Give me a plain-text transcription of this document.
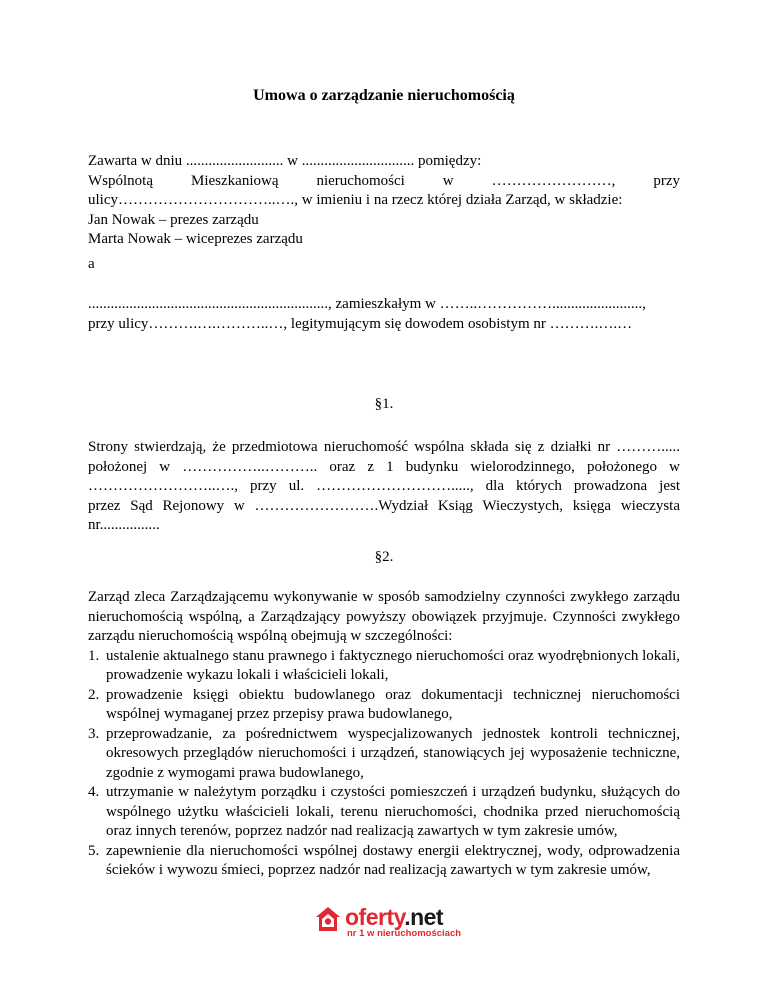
Umowa o zarządzanie nieruchomością
Zawarta w dniu .......................... w .............................. pomiędzy:
Wspólnotą	Mieszkaniową	nieruchomości	w	……………………,	przy
ulicy…………………………..…., w imieniu i na rzecz której działa Zarząd, w składzie:
Jan Nowak – prezes zarządu
Marta Nowak – wiceprezes zarządu
a
................................................................, zamieszkałym w ……..……………........................,
przy ulicy……….….………..…, legitymującym się dowodem osobistym nr ……….….…
§1.
Strony stwierdzają, że przedmiotowa nieruchomość wspólna składa się z działki nr ……….....
położonej w ……………..……….. oraz z 1 budynku wielorodzinnego, położonego w
……………………..…., przy ul. ………………………....., dla których prowadzona jest
przez Sąd Rejonowy w …………………….Wydział Ksiąg Wieczystych, księga wieczysta
nr................
§2.
Zarząd zleca Zarządzającemu wykonywanie w sposób samodzielny czynności zwykłego zarządu nieruchomością wspólną, a Zarządzający powyższy obowiązek przyjmuje. Czynności zwykłego zarządu nieruchomością wspólną obejmują w szczególności:
1. ustalenie aktualnego stanu prawnego i faktycznego nieruchomości oraz wyodrębnionych lokali, prowadzenie wykazu lokali i właścicieli lokali,
2. prowadzenie księgi obiektu budowlanego oraz dokumentacji technicznej nieruchomości wspólnej wymaganej przez przepisy prawa budowlanego,
3. przeprowadzanie, za pośrednictwem wyspecjalizowanych jednostek kontroli technicznej, okresowych przeglądów nieruchomości i urządzeń, stanowiących jej wyposażenie techniczne, zgodnie z wymogami prawa budowlanego,
4. utrzymanie w należytym porządku i czystości pomieszczeń i urządzeń budynku, służących do wspólnego użytku właścicieli lokali, terenu nieruchomości, chodnika przed nieruchomością oraz innych terenów, poprzez nadzór nad realizacją zawartych w tym zakresie umów,
5. zapewnienie dla nieruchomości wspólnej dostawy energii elektrycznej, wody, odprowadzenia ścieków i wywozu śmieci, poprzez nadzór nad realizacją zawartych w tym zakresie umów,
oferty.net
nr 1 w nieruchomościach
